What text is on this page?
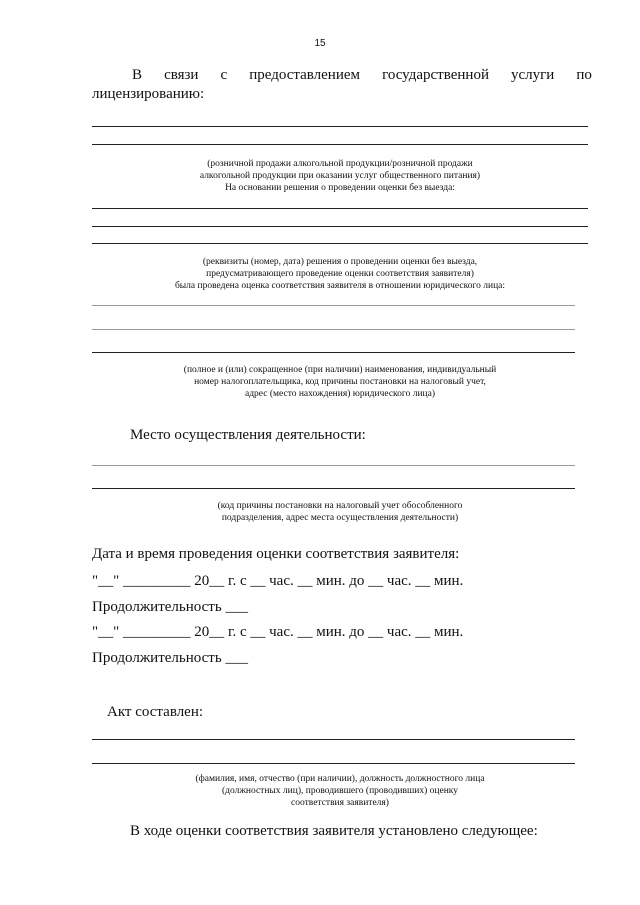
15
В связи с предоставлением государственной услуги по
лицензированию:
(розничной продажи алкогольной продукции/розничной продажи
алкогольной продукции при оказании услуг общественного питания)
На основании решения о проведении оценки без выезда:
(реквизиты (номер, дата) решения о проведении оценки без выезда,
предусматривающего проведение оценки соответствия заявителя)
была проведена оценка соответствия заявителя в отношении юридического лица:
(полное и (или) сокращенное (при наличии) наименования, индивидуальный
номер налогоплательщика, код причины постановки на налоговый учет,
адрес (место нахождения) юридического лица)
Место осуществления деятельности:
(код причины постановки на налоговый учет обособленного
подразделения, адрес места осуществления деятельности)
Дата и время проведения оценки соответствия заявителя:
"__" _________ 20__ г. с __ час. __ мин. до __ час. __ мин.
Продолжительность ___
"__" _________ 20__ г. с __ час. __ мин. до __ час. __ мин.
Продолжительность ___
Акт составлен:
(фамилия, имя, отчество (при наличии), должность должностного лица
(должностных лиц), проводившего (проводивших) оценку
соответствия заявителя)
В ходе оценки соответствия заявителя установлено следующее:
